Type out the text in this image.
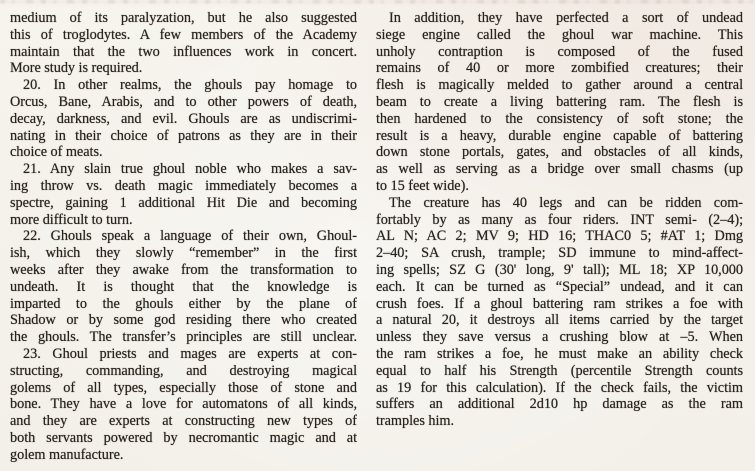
medium of its paralyzation, but he also suggested
this of troglodytes. A few members of the Academy
maintain that the two influences work in concert.
More study is required.
20. In other realms, the ghouls pay homage to
Orcus, Bane, Arabis, and to other powers of death,
decay, darkness, and evil. Ghouls are as undiscrimi-
nating in their choice of patrons as they are in their
choice of meats.
21. Any slain true ghoul noble who makes a sav-
ing throw vs. death magic immediately becomes a
spectre, gaining 1 additional Hit Die and becoming
more difficult to turn.
22. Ghouls speak a language of their own, Ghoul-
ish, which they slowly “remember” in the first
weeks after they awake from the transformation to
undeath. It is thought that the knowledge is
imparted to the ghouls either by the plane of
Shadow or by some god residing there who created
the ghouls. The transfer’s principles are still unclear.
23. Ghoul priests and mages are experts at con-
structing, commanding, and destroying magical
golems of all types, especially those of stone and
bone. They have a love for automatons of all kinds,
and they are experts at constructing new types of
both servants powered by necromantic magic and at
golem manufacture.
In addition, they have perfected a sort of undead
siege engine called the ghoul war machine. This
unholy contraption is composed of the fused
remains of 40 or more zombified creatures; their
flesh is magically melded to gather around a central
beam to create a living battering ram. The flesh is
then hardened to the consistency of soft stone; the
result is a heavy, durable engine capable of battering
down stone portals, gates, and obstacles of all kinds,
as well as serving as a bridge over small chasms (up
to 15 feet wide).
The creature has 40 legs and can be ridden com-
fortably by as many as four riders. INT semi- (2–4);
AL N; AC 2; MV 9; HD 16; THAC0 5; #AT 1; Dmg
2–40; SA crush, trample; SD immune to mind-affect-
ing spells; SZ G (30' long, 9' tall); ML 18; XP 10,000
each. It can be turned as “Special” undead, and it can
crush foes. If a ghoul battering ram strikes a foe with
a natural 20, it destroys all items carried by the target
unless they save versus a crushing blow at –5. When
the ram strikes a foe, he must make an ability check
equal to half his Strength (percentile Strength counts
as 19 for this calculation). If the check fails, the victim
suffers an additional 2d10 hp damage as the ram
tramples him.
